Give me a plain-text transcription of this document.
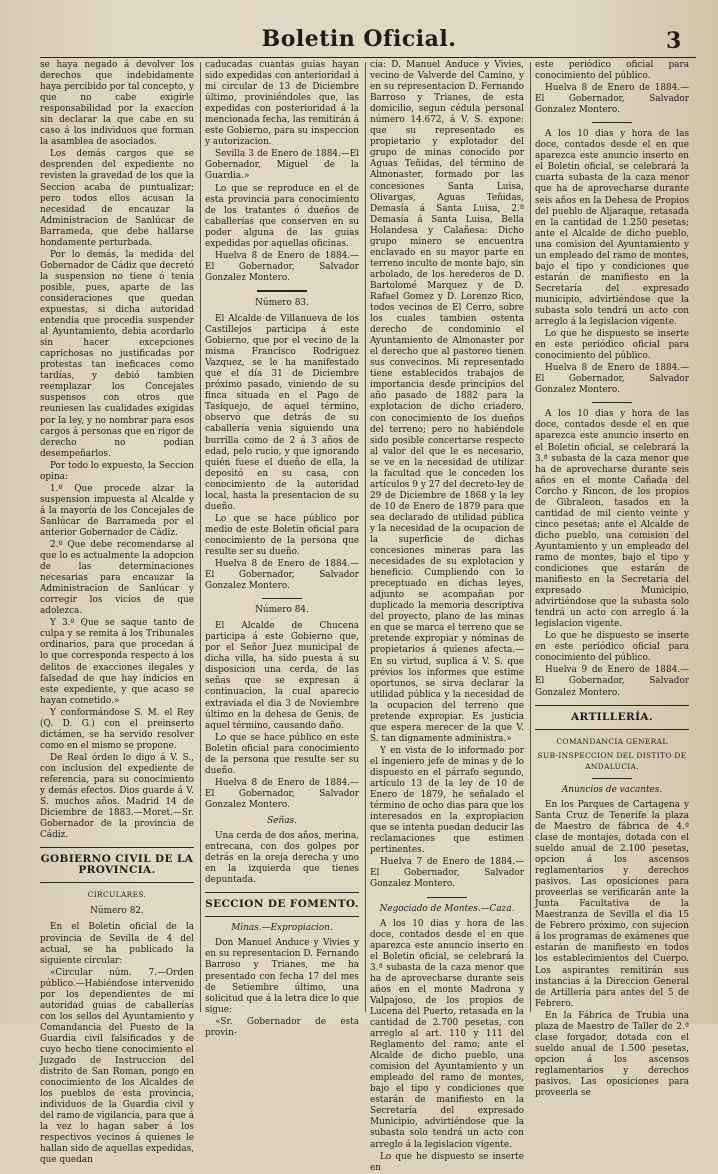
Boletin Oficial.	3

se haya negado á devolver los derechos que indebidamente haya percibido por tal concepto, y que no cabe exigirle responsabilidad por la exaccion sin declarar la que cabe en su caso á los individuos que forman la asamblea de asociados.

Los demás cargos que se desprenden del expediente no revisten la gravedad de los que la Seccion acaba de puntualizar; pero todos ellos acusan la necesidad de encauzar la Administracion de Sanlúcar de Barrameda, que debe halIarse hondamente perturbada.

Por lo demás, la medida del Gobernador de Cádiz que decretó la suspension no tiene ó tenia posible, pues, aparte de las consideraciones que quedan expuestas, si dicha autoridad entendia que procedia suspender al Ayuntamiento, debia acordarlo sin hacer excepciones caprichosas no justificadas por protestas tan ineficaces como tardías, y debió tambien reemplazar los Concejales suspensos con otros que reuniesen las cualidades exigidas por la ley, y no nombrar para esos cargos á personas que en rigor de derecho no podian desempeñarlos.

Por todo lo expuesto, la Seccion opina:

1.º Que procede alzar la suspension impuesta al Alcalde y á la mayoría de los Concejales de Sanlúcar de Barrameda por el anterior Gobernador de Cádiz.

2.º Que debe recomendarse al que lo es actualmente la adopcion de las determinaciones necesarias para encauzar la Administracion de Sanlúcar y corregir los vicios de que adolezca.

Y 3.º Que se saque tanto de culpa y se remita á los Tribunales ordinarios, para que procedan á lo que corresponda respecto á los delitos de exacciones ilegales y falsedad de que hay indicios en este expediente, y que acaso se hayan cometido.»

Y conformándose S. M. el Rey (Q. D. G.) con el preinserto dictámen, se ha servido resolver como en el mismo se propone.

De Real órden lo digo á V. S., con inclusion del expediente de referencia, para su conocimiento y demás efectos. Dios guarde á V. S. muchos años. Madrid 14 de Diciembre de 1883.—Moret.—Sr. Gobernador de la provincia de Cádiz.

GOBIERNO CIVIL DE LA PROVINCIA.

CIRCULARES.

Número 82.

En el Boletin oficial de la provincia de Sevilla de 4 del actual, se ha publicado la siguiente circular:

«Circular núm. 7.—Orden público.—Habiéndose intervenido por los dependientes de mi autoridad guias de caballerías con los sellos del Ayuntamiento y Comandancia del Puesto de la Guardia civil falsificados y de cuyo hecho tiene conocimiento el Juzgado de Instruccion del distrito de San Roman, pongo en conocimiento de los Alcaldes de los pueblos de esta provincia, individuos de la Guardia civil y del ramo de vigilancia, para que á la vez lo hagan saber á los respectivos vecinos á quienes le hallan sido de aquellas expedidas, que quedan

caducadas cuantas guias hayan sido expedidas con anterioridad á mi circular de 13 de Diciembre último, proviniéndoles que, las expedidas con posterioridad á la mencionada fecha, las remitirán á este Gobierno, para su inspeccion y autorizacion.

Sevilla 3 de Enero de 1884.—El Gobernador, Miguel de la Guardia.»

Lo que se reproduce en el de esta provincia para conocimiento de los tratantes ó dueños de caballerías que conserven en su poder alguna de las guias expedidas por aquellas oficinas.

Huelva 8 de Enero de 1884.—El Gobernador, Salvador Gonzalez Montero.

Número 83.

El Alcalde de Villanueva de los Castillejos participa á este Gobierno, que por el vecino de la misma Francisco Rodriguez Vazquez, se le ha manifestado que el día 31 de Diciembre próximo pasado, viniendo de su finca situada en el Pago de Tasiquejo, de aquel término, observó que detrás de su caballería venia siguiendo una burrilla como de 2 á 3 años de edad, pelo rucio, y que ignorando quién fuese el dueño de ella, la depositó en su casa, con conocimiento de la autoridad local, hasta la presentacion de su dueño.

Lo que se hace público por medio de este Boletin oficial para conocimiento de la persona que resulte ser su dueño.

Huelva 8 de Enero de 1884.—El Gobernador, Salvador Gonzalez Montero.

Número 84.

El Alcalde de Chucena participa á este Gobierno que, por el Señor Juez municipal de dicha villa, ha sido puesta á su disposicion una cerda, de las señas que se expresan á continuacion, la cual aparecio extraviada el dia 3 de Noviembre último en la dehesa de Genis, de aquel término, causando daño.

Lo que se hace público en este Boletin oficial para conocimiento de la persona que resulte ser su dueño.

Huelva 8 de Enero de 1884.—El Gobernador, Salvador Gonzalez Montero.

Señas.

Una cerda de dos años, merina, entrecana, con dos golpes por detrás en la oreja derecha y uno en la izquierda que tienes depuntada.

SECCION DE FOMENTO.

Minas.—Expropiacion.

Don Manuel Anduce y Vivies y en su representacion D. Fernando Barroso y Trianes, me ha presentado con fecha 17 del mes de Setiembre último, una solicitud que á la letra dice lo que sigue:

«Sr. Gobernador de esta provin-

cia: D. Manuel Anduce y Vivies, vecino de Valverde del Camino, y en su representacion D. Fernando Barroso y Trianes, de esta domicilio, segun cédula personal número 14.672, á V. S. expone: que su representado es propietario y explotador del grupo de minas conocido por Aguas Teñidas, del término de Almonaster, formado por las concesiones Santa Luisa, Olivargas, Aguas Teñidas, Demasía á Santa Luisa, 2.ª Demasía á Santa Luisa, Bella Holandesa y Calañesa: Dicho grupo minero se encuentra enclavado en su mayor parte en terreno inculto de monte bajo, sin arbolado, de los herederos de D. Bartolomé Marquez y de D. Rafael Gomez y D. Lorenzo Rico, todos vecinos de El Cerro, sobre los cuales tambien ostenta derecho de condominio el Ayuntamiento de Almonaster por el derecho que al pastoreo tienen sus convecinos. Mi representado tiene establecidos trabajos de importancia desde principios del año pasado de 1882 para la explotacion de dicho criadero, con conocimiento de los dueños del terreno; pero no habiéndole sido posible concertarse respecto al valor del que le es necesario, se ve en la necesidad de utilizar la facultad que le conceden los artículos 9 y 27 del decreto-ley de 29 de Diciembre de 1868 y la ley de 10 de Enero de 1879 para que sea declarado de utilidad pública y la necesidad de la ocupacion de la superficie de dichas concesiones mineras para las necesidades de su explotacion y beneficio. Cumpliendo con lo preceptuado en dichas leyes, adjunto se acompañan por duplicado la memoria descriptiva del proyecto, plano de las minas en que se marca el terreno que se pretende expropiar y nóminas de propietarios á quienes afecta.—En su virtud, suplica á V. S. que prévios los informes que estime oportunos, se sirva declarar la utilidad pública y la necesidad de la ocupacion del terreno que pretende expropiar. Es justicia que espera merecer de la que V. S. tan dignamente administra.»

Y en vista de lo informado por el ingeniero jefe de minas y de lo dispuesto en el párrafo segundo, artículo 13 de la ley de 10 de Enero de 1879, he señalado el término de ocho dias para que los interesados en la expropiacion que se intenta puedan deducir las reclamaciones que estimen pertinentes.

Huelva 7 de Enero de 1884.—El Gobernador, Salvador Gonzalez Montero.

Negociado de Montes.—Caza.

A los 10 dias y hora de las doce, contados desde el en que aparezca este anuncio inserto en el Boletin oficial, se celebrará la 3.ª subasta de la caza menor que ha de aprovecharse durante seis años en el monte Madrona y Valpajoso, de los propios de Lucena del Puerto, retasada en la cantidad de 2.700 pesetas, con arreglo al art. 110 y 111 del Reglamento del ramo; ante el Alcalde de dicho pueblo, una comision del Ayuntamiento y un empleado del ramo de montes, bajo el tipo y condiciones que estarán de manifiesto en la Secretaría del expresado Municipio, advirtiéndose que la subasta solo tendrá un acto con arreglo á la legislacion vigente.

Lo que he dispuesto se inserte en

este periódico oficial para conocimiento del público.

Huelva 8 de Enero de 1884.—El Gobernador, Salvador Gonzalez Montero.

A los 10 dias y hora de las doce, contados desde el en que aparezca este anuncio inserto en el Boletin oficial, se celebrará la cuarta subasta de la caza menor que ha de aprovecharse durante seis años en la Dehesa de Propios del pueblo de Aljaraque, retasada en la cantidad de 1.250 pesetas; ante el Alcalde de dicho pueblo, una comision del Ayuntamiento y un empleado del ramo de montes, bajo el tipo y condiciones que estarán de manifiesto en la Secretaría del expresado municipio, advirtiéndose que la subasta solo tendrá un acto con arreglo á la legislacion vigente.

Lo que he dispuesto se inserte en este periódico oficial para conocimiento del público.

Huelva 8 de Enero de 1884.—El Gobernador, Salvador Gonzalez Montero.

A los 10 dias y hora de las doce, contados desde el en que aparezca este anuncio inserto en el Boletin oficial, se celebrará la 3.ª subasta de la caza menor que ha de aprovecharse durante seis años en el monte Cañada del Corcho y Rincon, de los propios de Gibraleon, tasados en la cantidad de mil ciento veinte y cinco pesetas; ante el Alcalde de dicho pueblo, una comision del Ayuntamiento y un empleado del ramo de montes, bajo el tipo y condiciones que estarán de manifiesto en la Secretaría del expresado Municipio, advirtiéndose que la subasta solo tendrá un acto con arreglo á la legislacion vigente.

Lo que he dispuesto se inserte en este periódico oficial para conocimiento del público.

Huelva 9 de Enero de 1884.—El Gobernador, Salvador Gonzalez Montero.

ARTILLERÍA.

COMANDANCIA GENERAL

SUB-INSPECCION DEL DISTITO DE ANDALUCIA.

Anuncios de vacantes.

En los Parques de Cartagena y Santa Cruz de Tenerife la plaza de Maestro de fábrica de 4.ª clase de montajes, dotada con el sueldo anual de 2.100 pesetas, opcion á los ascensos reglamentarios y derechos pasivos. Las oposiciones para proveerlas se verificarán ante la Junta Facultativa de la Maestranza de Sevilla el dia 15 de Febrero próximo, con sujecion á los programas de exámenes que estarán de manifiesto en todos los establecimientos del Cuerpo. Los aspirantes remitirán sus instancias á la Direccion General de Artillería para antes del 5 de Febrero.

En la Fábrica de Trubia una plaza de Maestro de Taller de 2.ª clase forgador, dotada con el sueldo anual de 1.500 pesetas, opcion á los ascensos reglamentarios y derechos pasivos. Las oposiciones para proveerla se
